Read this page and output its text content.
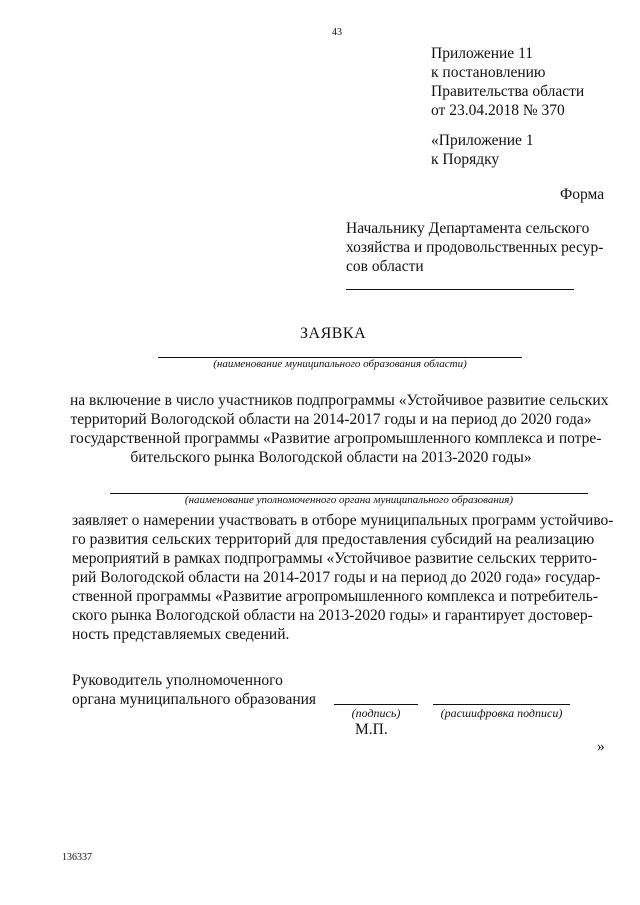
43
Приложение 11
к постановлению
Правительства области
от 23.04.2018 № 370
«Приложение 1
к Порядку
Форма
Начальнику Департамента сельского
хозяйства и продовольственных ресур-
сов области
ЗАЯВКА
(наименование муниципального образования области)
на включение в число участников подпрограммы «Устойчивое развитие сельских
территорий Вологодской области на 2014-2017 годы и на период до 2020 года»
государственной программы «Развитие агропромышленного комплекса и потре-
бительского рынка Вологодской области на 2013-2020 годы»
(наименование уполномоченного органа муниципального образования)
заявляет о намерении участвовать в отборе муниципальных программ устойчиво-
го развития сельских территорий для предоставления субсидий на реализацию
мероприятий в рамках подпрограммы «Устойчивое развитие сельских террито-
рий Вологодской области на 2014-2017 годы и на период до 2020 года» государ-
ственной программы «Развитие агропромышленного комплекса и потребитель-
ского рынка Вологодской области на 2013-2020 годы» и гарантирует достовер-
ность представляемых сведений.
Руководитель уполномоченного
органа муниципального образования
(подпись)	(расшифровка подписи)
М.П.
»
136337
